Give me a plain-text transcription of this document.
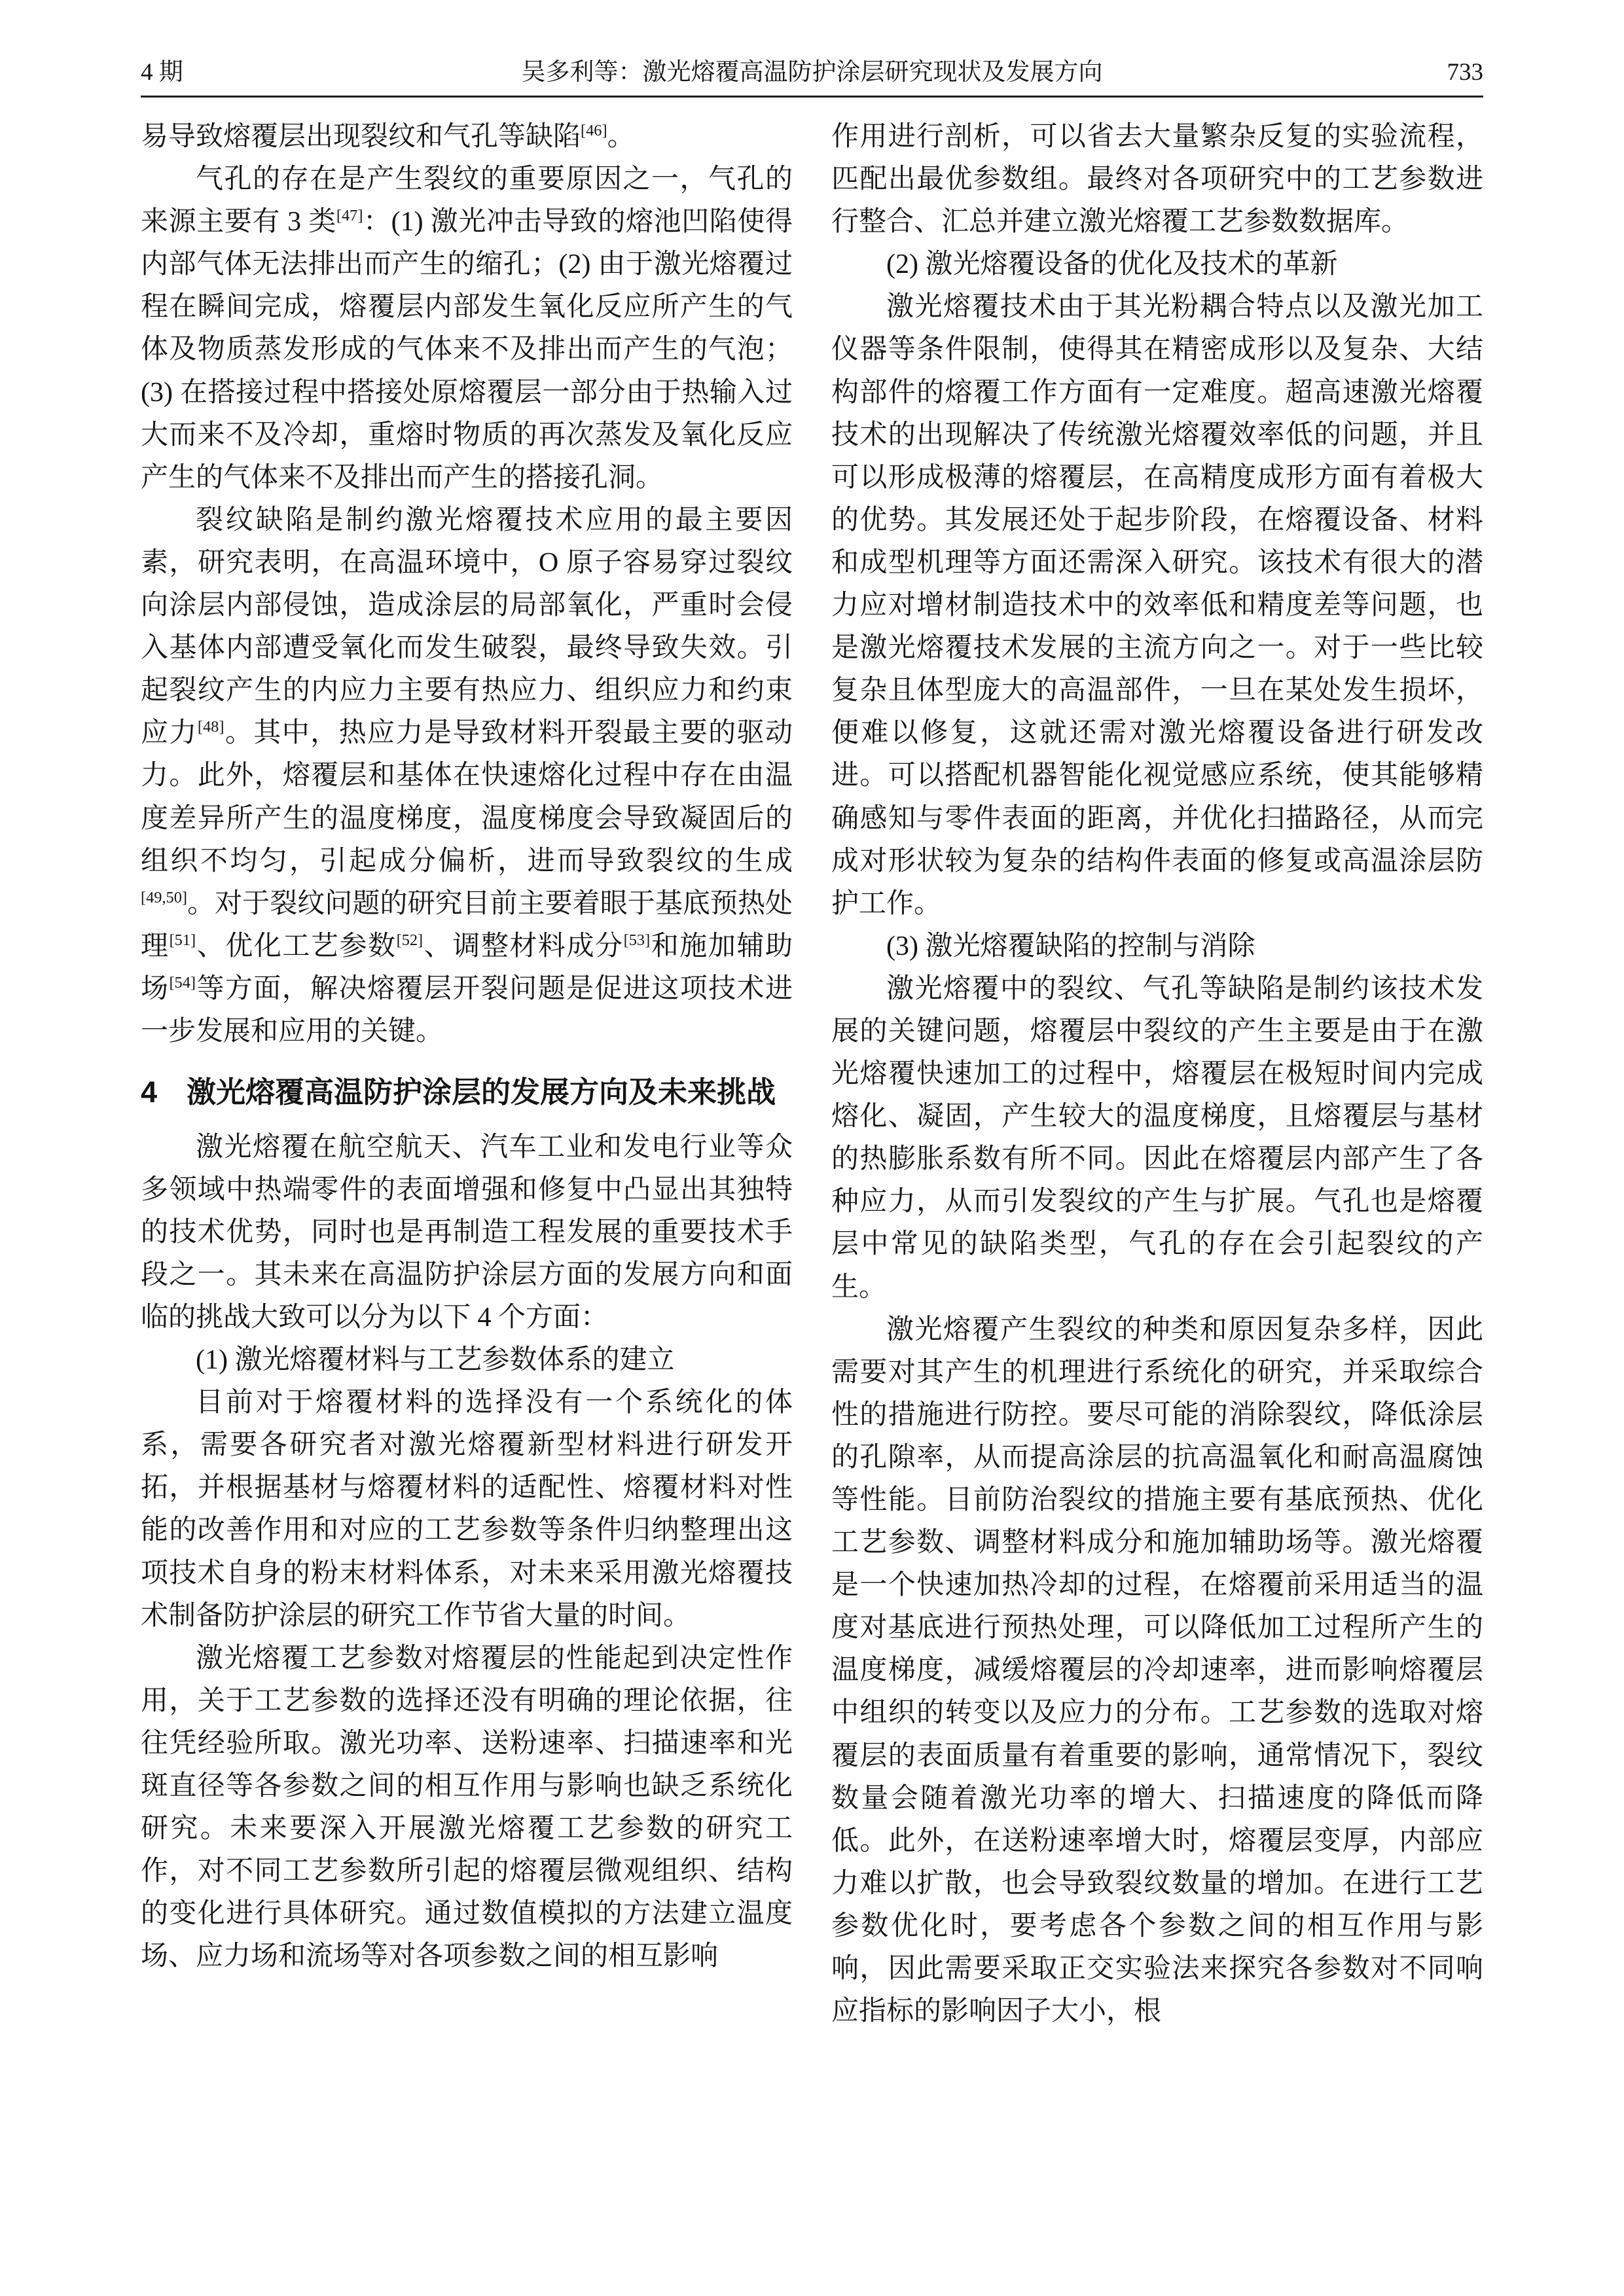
4 期	吴多利等：激光熔覆高温防护涂层研究现状及发展方向	733

易导致熔覆层出现裂纹和气孔等缺陷[46]。

气孔的存在是产生裂纹的重要原因之一，气孔的来源主要有 3 类[47]：(1) 激光冲击导致的熔池凹陷使得内部气体无法排出而产生的缩孔；(2) 由于激光熔覆过程在瞬间完成，熔覆层内部发生氧化反应所产生的气体及物质蒸发形成的气体来不及排出而产生的气泡；(3) 在搭接过程中搭接处原熔覆层一部分由于热输入过大而来不及冷却，重熔时物质的再次蒸发及氧化反应产生的气体来不及排出而产生的搭接孔洞。

裂纹缺陷是制约激光熔覆技术应用的最主要因素，研究表明，在高温环境中，O 原子容易穿过裂纹向涂层内部侵蚀，造成涂层的局部氧化，严重时会侵入基体内部遭受氧化而发生破裂，最终导致失效。引起裂纹产生的内应力主要有热应力、组织应力和约束应力[48]。其中，热应力是导致材料开裂最主要的驱动力。此外，熔覆层和基体在快速熔化过程中存在由温度差异所产生的温度梯度，温度梯度会导致凝固后的组织不均匀，引起成分偏析，进而导致裂纹的生成[49,50]。对于裂纹问题的研究目前主要着眼于基底预热处理[51]、优化工艺参数[52]、调整材料成分[53]和施加辅助场[54]等方面，解决熔覆层开裂问题是促进这项技术进一步发展和应用的关键。

4　激光熔覆高温防护涂层的发展方向及未来挑战

激光熔覆在航空航天、汽车工业和发电行业等众多领域中热端零件的表面增强和修复中凸显出其独特的技术优势，同时也是再制造工程发展的重要技术手段之一。其未来在高温防护涂层方面的发展方向和面临的挑战大致可以分为以下 4 个方面：

(1) 激光熔覆材料与工艺参数体系的建立

目前对于熔覆材料的选择没有一个系统化的体系，需要各研究者对激光熔覆新型材料进行研发开拓，并根据基材与熔覆材料的适配性、熔覆材料对性能的改善作用和对应的工艺参数等条件归纳整理出这项技术自身的粉末材料体系，对未来采用激光熔覆技术制备防护涂层的研究工作节省大量的时间。

激光熔覆工艺参数对熔覆层的性能起到决定性作用，关于工艺参数的选择还没有明确的理论依据，往往凭经验所取。激光功率、送粉速率、扫描速率和光斑直径等各参数之间的相互作用与影响也缺乏系统化研究。未来要深入开展激光熔覆工艺参数的研究工作，对不同工艺参数所引起的熔覆层微观组织、结构的变化进行具体研究。通过数值模拟的方法建立温度场、应力场和流场等对各项参数之间的相互影响

作用进行剖析，可以省去大量繁杂反复的实验流程，匹配出最优参数组。最终对各项研究中的工艺参数进行整合、汇总并建立激光熔覆工艺参数数据库。

(2) 激光熔覆设备的优化及技术的革新

激光熔覆技术由于其光粉耦合特点以及激光加工仪器等条件限制，使得其在精密成形以及复杂、大结构部件的熔覆工作方面有一定难度。超高速激光熔覆技术的出现解决了传统激光熔覆效率低的问题，并且可以形成极薄的熔覆层，在高精度成形方面有着极大的优势。其发展还处于起步阶段，在熔覆设备、材料和成型机理等方面还需深入研究。该技术有很大的潜力应对增材制造技术中的效率低和精度差等问题，也是激光熔覆技术发展的主流方向之一。对于一些比较复杂且体型庞大的高温部件，一旦在某处发生损坏，便难以修复，这就还需对激光熔覆设备进行研发改进。可以搭配机器智能化视觉感应系统，使其能够精确感知与零件表面的距离，并优化扫描路径，从而完成对形状较为复杂的结构件表面的修复或高温涂层防护工作。

(3) 激光熔覆缺陷的控制与消除

激光熔覆中的裂纹、气孔等缺陷是制约该技术发展的关键问题，熔覆层中裂纹的产生主要是由于在激光熔覆快速加工的过程中，熔覆层在极短时间内完成熔化、凝固，产生较大的温度梯度，且熔覆层与基材的热膨胀系数有所不同。因此在熔覆层内部产生了各种应力，从而引发裂纹的产生与扩展。气孔也是熔覆层中常见的缺陷类型，气孔的存在会引起裂纹的产生。

激光熔覆产生裂纹的种类和原因复杂多样，因此需要对其产生的机理进行系统化的研究，并采取综合性的措施进行防控。要尽可能的消除裂纹，降低涂层的孔隙率，从而提高涂层的抗高温氧化和耐高温腐蚀等性能。目前防治裂纹的措施主要有基底预热、优化工艺参数、调整材料成分和施加辅助场等。激光熔覆是一个快速加热冷却的过程，在熔覆前采用适当的温度对基底进行预热处理，可以降低加工过程所产生的温度梯度，减缓熔覆层的冷却速率，进而影响熔覆层中组织的转变以及应力的分布。工艺参数的选取对熔覆层的表面质量有着重要的影响，通常情况下，裂纹数量会随着激光功率的增大、扫描速度的降低而降低。此外，在送粉速率增大时，熔覆层变厚，内部应力难以扩散，也会导致裂纹数量的增加。在进行工艺参数优化时，要考虑各个参数之间的相互作用与影响，因此需要采取正交实验法来探究各参数对不同响应指标的影响因子大小，根
